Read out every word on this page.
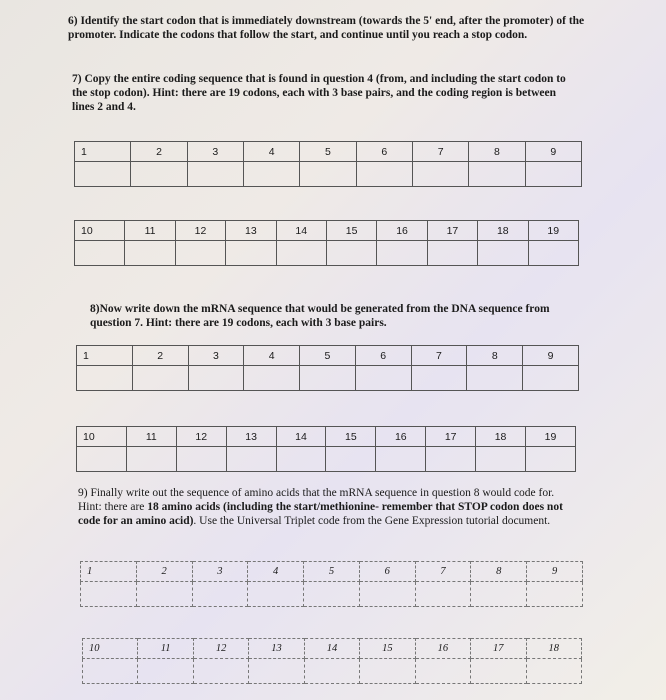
6) Identify the start codon that is immediately downstream (towards the 5' end, after the promoter) of the promoter. Indicate the codons that follow the start, and continue until you reach a stop codon.
7) Copy the entire coding sequence that is found in question 4 (from, and including the start codon to the stop codon). Hint: there are 19 codons, each with 3 base pairs, and the coding region is between lines 2 and 4.
1	2	3	4	5	6	7	8	9

10	11	12	13	14	15	16	17	18	19

8)Now write down the mRNA sequence that would be generated from the DNA sequence from question 7. Hint: there are 19 codons, each with 3 base pairs.
1	2	3	4	5	6	7	8	9

10	11	12	13	14	15	16	17	18	19

9) Finally write out the sequence of amino acids that the mRNA sequence in question 8 would code for. Hint: there are 18 amino acids (including the start/methionine- remember that STOP codon does not code for an amino acid). Use the Universal Triplet code from the Gene Expression tutorial document.
1	2	3	4	5	6	7	8	9

10	11	12	13	14	15	16	17	18
